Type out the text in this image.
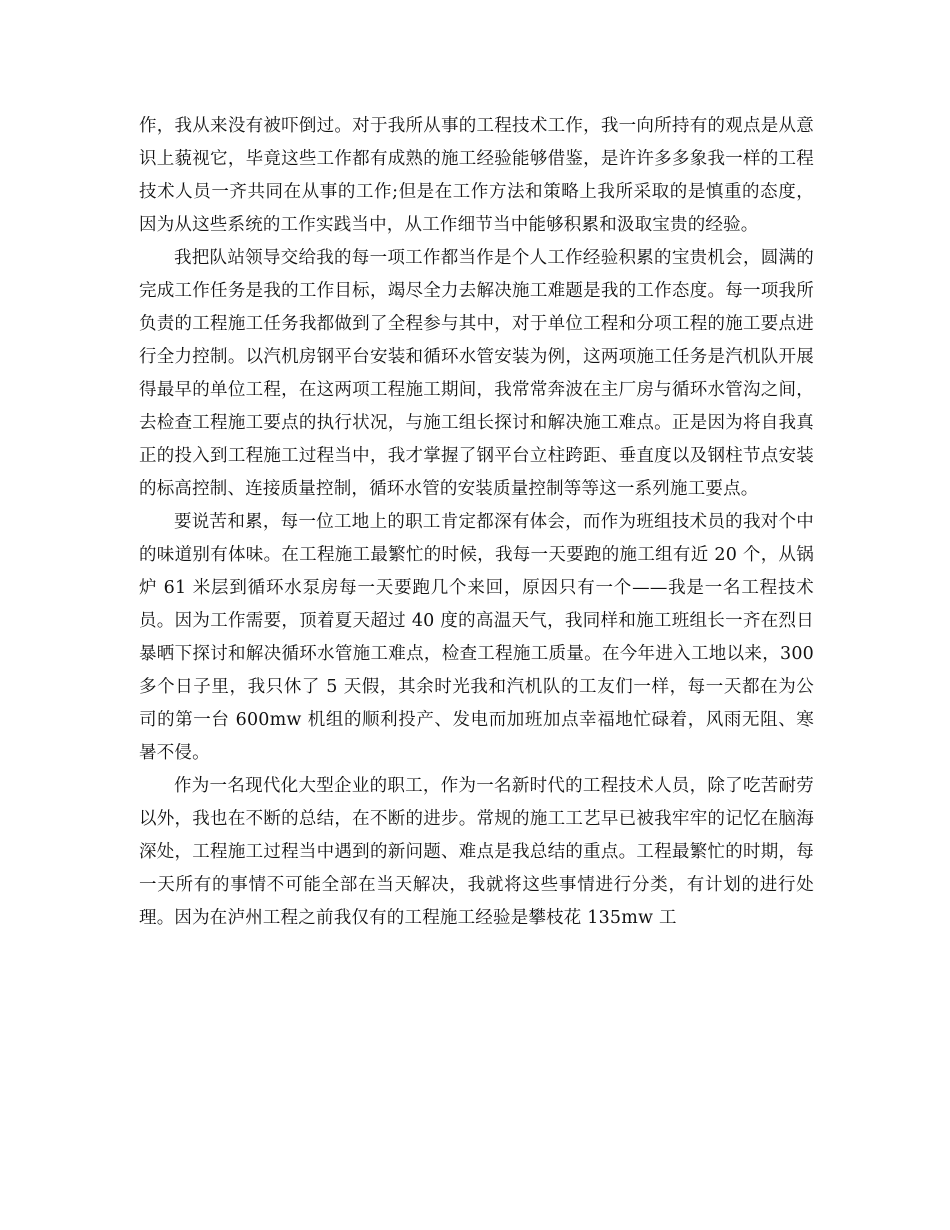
作，我从来没有被吓倒过。对于我所从事的工程技术工作，我一向所持有的观点是从意识上藐视它，毕竟这些工作都有成熟的施工经验能够借鉴，是许许多多象我一样的工程技术人员一齐共同在从事的工作;但是在工作方法和策略上我所采取的是慎重的态度，因为从这些系统的工作实践当中，从工作细节当中能够积累和汲取宝贵的经验。

我把队站领导交给我的每一项工作都当作是个人工作经验积累的宝贵机会，圆满的完成工作任务是我的工作目标，竭尽全力去解决施工难题是我的工作态度。每一项我所负责的工程施工任务我都做到了全程参与其中，对于单位工程和分项工程的施工要点进行全力控制。以汽机房钢平台安装和循环水管安装为例，这两项施工任务是汽机队开展得最早的单位工程，在这两项工程施工期间，我常常奔波在主厂房与循环水管沟之间，去检查工程施工要点的执行状况，与施工组长探讨和解决施工难点。正是因为将自我真正的投入到工程施工过程当中，我才掌握了钢平台立柱跨距、垂直度以及钢柱节点安装的标高控制、连接质量控制，循环水管的安装质量控制等等这一系列施工要点。

要说苦和累，每一位工地上的职工肯定都深有体会，而作为班组技术员的我对个中的味道别有体味。在工程施工最繁忙的时候，我每一天要跑的施工组有近 20 个，从锅炉 61 米层到循环水泵房每一天要跑几个来回，原因只有一个——我是一名工程技术员。因为工作需要，顶着夏天超过 40 度的高温天气，我同样和施工班组长一齐在烈日暴晒下探讨和解决循环水管施工难点，检查工程施工质量。在今年进入工地以来，300 多个日子里，我只休了 5 天假，其余时光我和汽机队的工友们一样，每一天都在为公司的第一台 600mw 机组的顺利投产、发电而加班加点幸福地忙碌着，风雨无阻、寒暑不侵。

作为一名现代化大型企业的职工，作为一名新时代的工程技术人员，除了吃苦耐劳以外，我也在不断的总结，在不断的进步。常规的施工工艺早已被我牢牢的记忆在脑海深处，工程施工过程当中遇到的新问题、难点是我总结的重点。工程最繁忙的时期，每一天所有的事情不可能全部在当天解决，我就将这些事情进行分类，有计划的进行处理。因为在泸州工程之前我仅有的工程施工经验是攀枝花 135mw 工
